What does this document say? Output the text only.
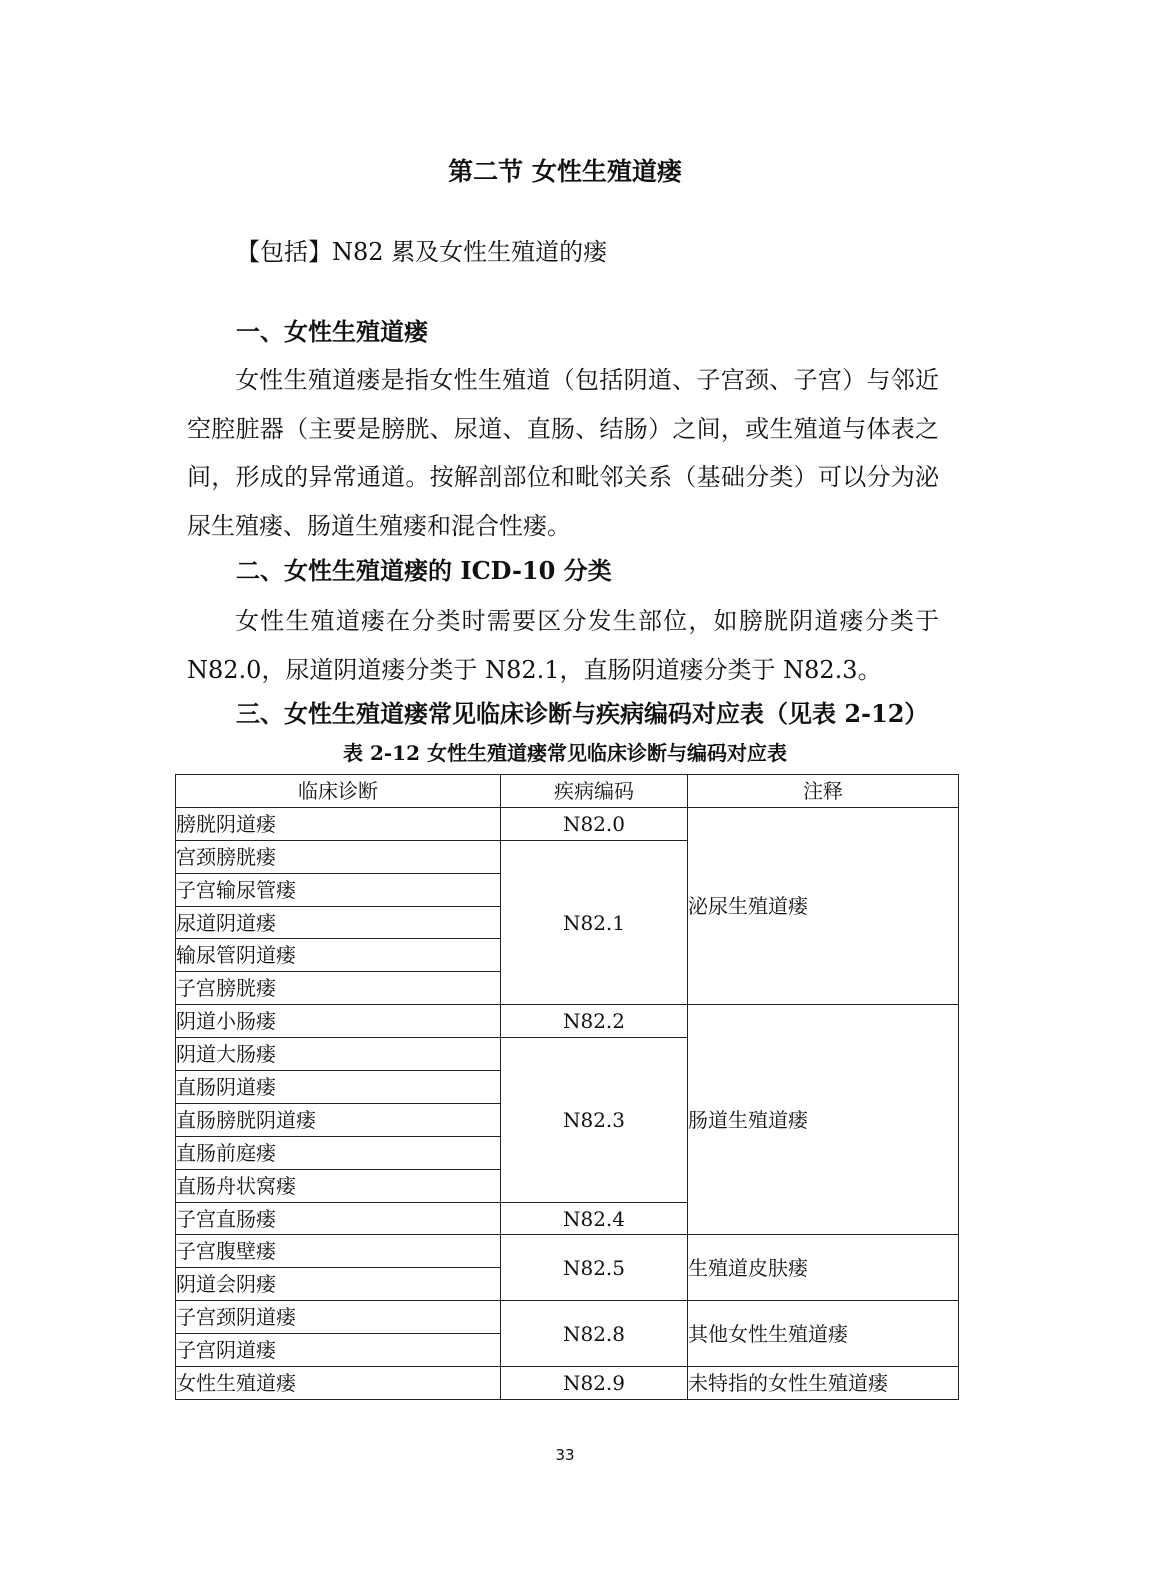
第二节 女性生殖道瘘
【包括】N82 累及女性生殖道的瘘
一、女性生殖道瘘
女性生殖道瘘是指女性生殖道（包括阴道、子宫颈、子宫）与邻近空腔脏器（主要是膀胱、尿道、直肠、结肠）之间，或生殖道与体表之间，形成的异常通道。按解剖部位和毗邻关系（基础分类）可以分为泌尿生殖瘘、肠道生殖瘘和混合性瘘。
二、女性生殖道瘘的 ICD-10 分类
女性生殖道瘘在分类时需要区分发生部位，如膀胱阴道瘘分类于 N82.0，尿道阴道瘘分类于 N82.1，直肠阴道瘘分类于 N82.3。
三、女性生殖道瘘常见临床诊断与疾病编码对应表（见表 2-12）
表 2-12 女性生殖道瘘常见临床诊断与编码对应表
临床诊断	疾病编码	注释
膀胱阴道瘘	N82.0	泌尿生殖道瘘
宫颈膀胱瘘	N82.1	
子宫输尿管瘘		
尿道阴道瘘		
输尿管阴道瘘		
子宫膀胱瘘		
阴道小肠瘘	N82.2	肠道生殖道瘘
阴道大肠瘘	N82.3	
直肠阴道瘘		
直肠膀胱阴道瘘		
直肠前庭瘘		
直肠舟状窝瘘		
子宫直肠瘘	N82.4	
子宫腹壁瘘	N82.5	生殖道皮肤瘘
阴道会阴瘘		
子宫颈阴道瘘	N82.8	其他女性生殖道瘘
子宫阴道瘘		
女性生殖道瘘	N82.9	未特指的女性生殖道瘘
33
